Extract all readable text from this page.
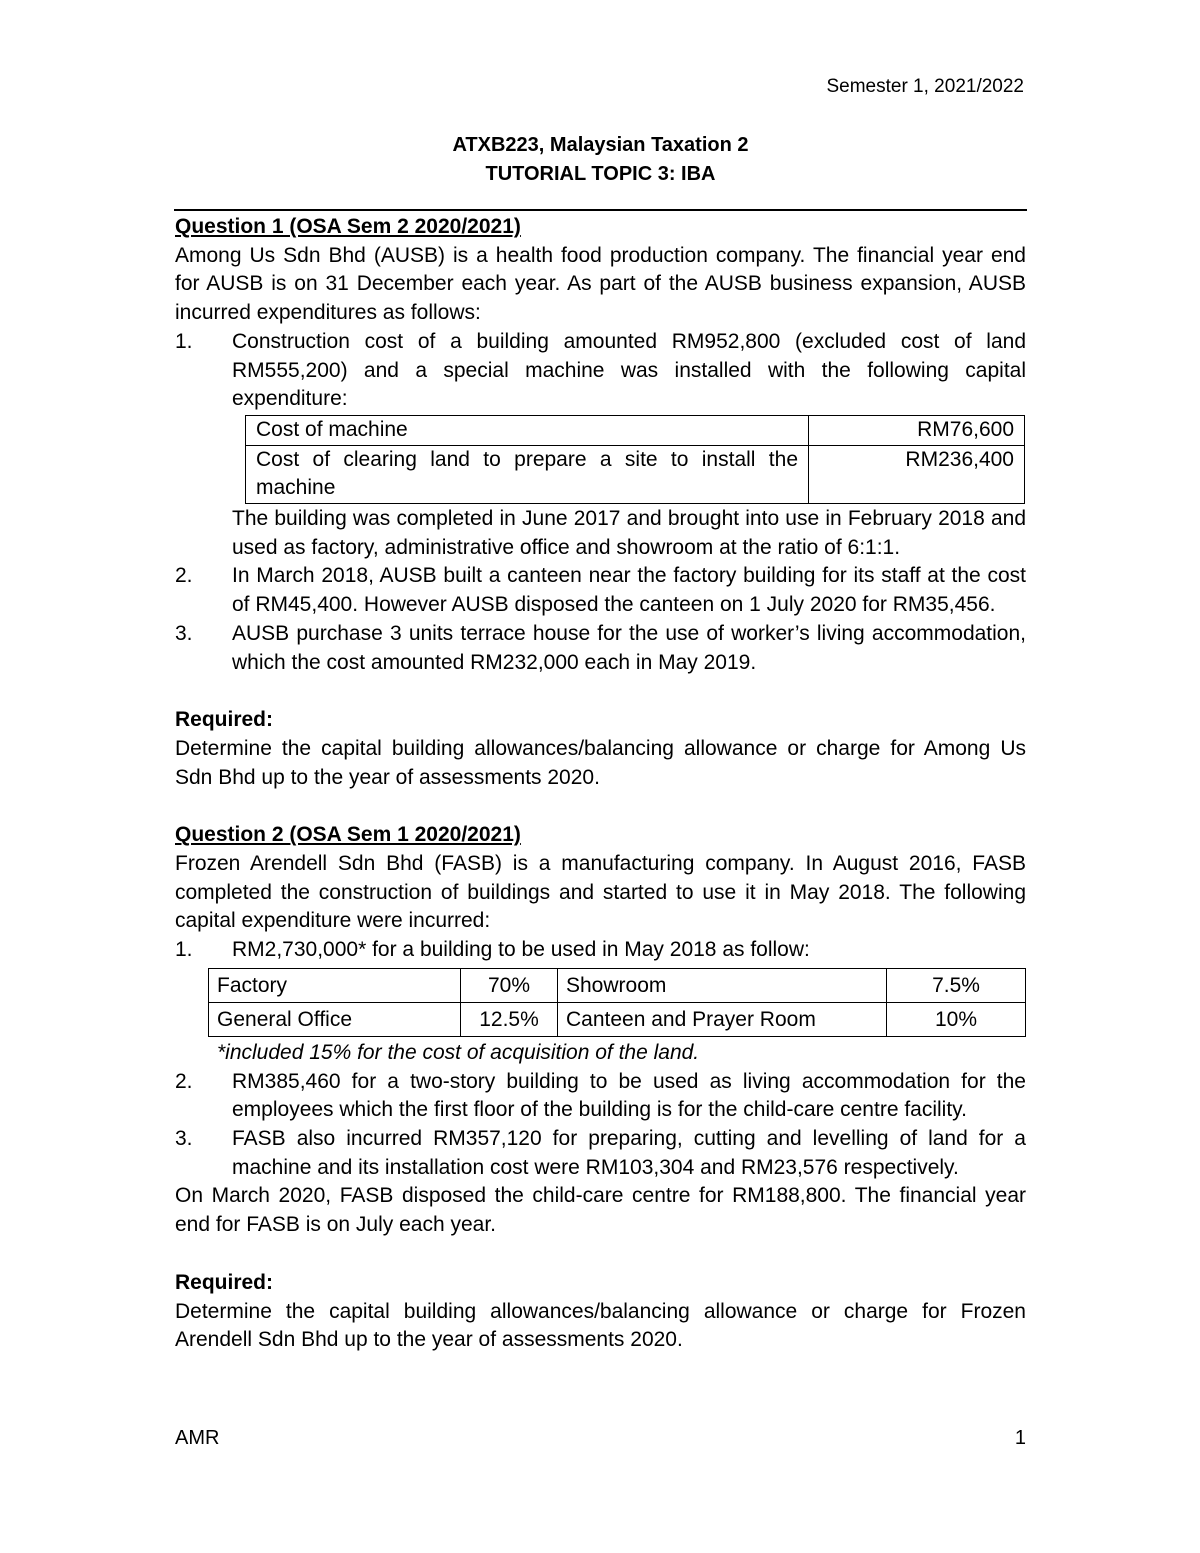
Semester 1, 2021/2022
ATXB223, Malaysian Taxation 2
TUTORIAL TOPIC 3: IBA

Question 1 (OSA Sem 2 2020/2021)

Among Us Sdn Bhd (AUSB) is a health food production company. The financial year end for AUSB is on 31 December each year. As part of the AUSB business expansion, AUSB incurred expenditures as follows:

1. Construction cost of a building amounted RM952,800 (excluded cost of land RM555,200) and a special machine was installed with the following capital expenditure:
Cost of machine	RM76,600
Cost of clearing land to prepare a site to install the machine	RM236,400
The building was completed in June 2017 and brought into use in February 2018 and used as factory, administrative office and showroom at the ratio of 6:1:1.
2. In March 2018, AUSB built a canteen near the factory building for its staff at the cost of RM45,400. However AUSB disposed the canteen on 1 July 2020 for RM35,456.
3. AUSB purchase 3 units terrace house for the use of worker’s living accommodation, which the cost amounted RM232,000 each in May 2019.

Required:

Determine the capital building allowances/balancing allowance or charge for Among Us Sdn Bhd up to the year of assessments 2020.

Question 2 (OSA Sem 1 2020/2021)

Frozen Arendell Sdn Bhd (FASB) is a manufacturing company. In August 2016, FASB completed the construction of buildings and started to use it in May 2018. The following capital expenditure were incurred:

1. RM2,730,000* for a building to be used in May 2018 as follow:
Factory	70%	Showroom	7.5%
General Office	12.5%	Canteen and Prayer Room	10%

*included 15% for the cost of acquisition of the land.

2. RM385,460 for a two-story building to be used as living accommodation for the employees which the first floor of the building is for the child-care centre facility.
3. FASB also incurred RM357,120 for preparing, cutting and levelling of land for a machine and its installation cost were RM103,304 and RM23,576 respectively.

On March 2020, FASB disposed the child-care centre for RM188,800. The financial year end for FASB is on July each year.

Required:

Determine the capital building allowances/balancing allowance or charge for Frozen Arendell Sdn Bhd up to the year of assessments 2020.

AMR	1
